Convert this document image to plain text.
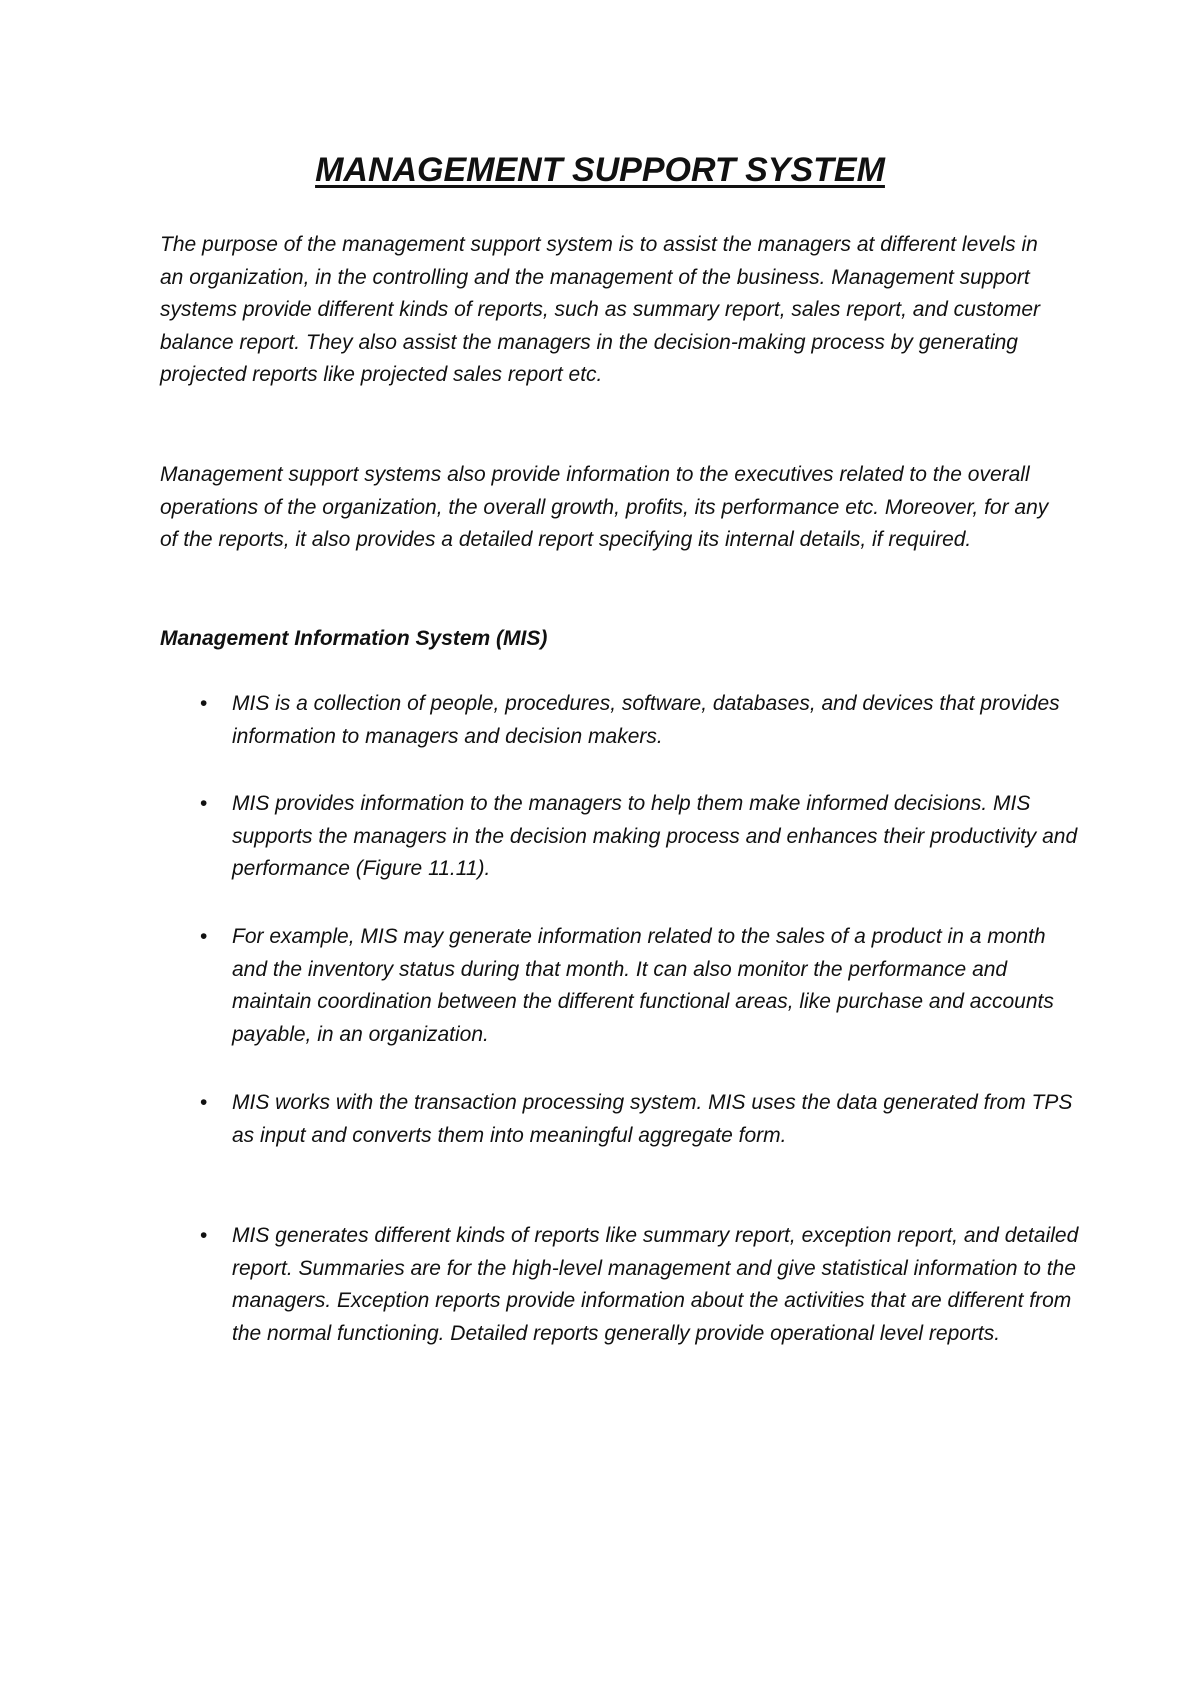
MANAGEMENT SUPPORT SYSTEM

The purpose of the management support system is to assist the managers at different levels in an organization, in the controlling and the management of the business. Management support systems provide different kinds of reports, such as summary report, sales report, and customer balance report. They also assist the managers in the decision-making process by generating projected reports like projected sales report etc.

Management support systems also provide information to the executives related to the overall operations of the organization, the overall growth, profits, its performance etc. Moreover, for any of the reports, it also provides a detailed report specifying its internal details, if required.

Management Information System (MIS)
•	MIS is a collection of people, procedures, software, databases, and devices that provides information to managers and decision makers.
•	MIS provides information to the managers to help them make informed decisions. MIS supports the managers in the decision making process and enhances their productivity and performance (Figure 11.11).
•	For example, MIS may generate information related to the sales of a product in a month and the inventory status during that month. It can also monitor the performance and maintain coordination between the different functional areas, like purchase and accounts payable, in an organization.
•	MIS works with the transaction processing system. MIS uses the data generated from TPS as input and converts them into meaningful aggregate form.
•	MIS generates different kinds of reports like summary report, exception report, and detailed report. Summaries are for the high-level management and give statistical information to the managers. Exception reports provide information about the activities that are different from the normal functioning. Detailed reports generally provide operational level reports.
